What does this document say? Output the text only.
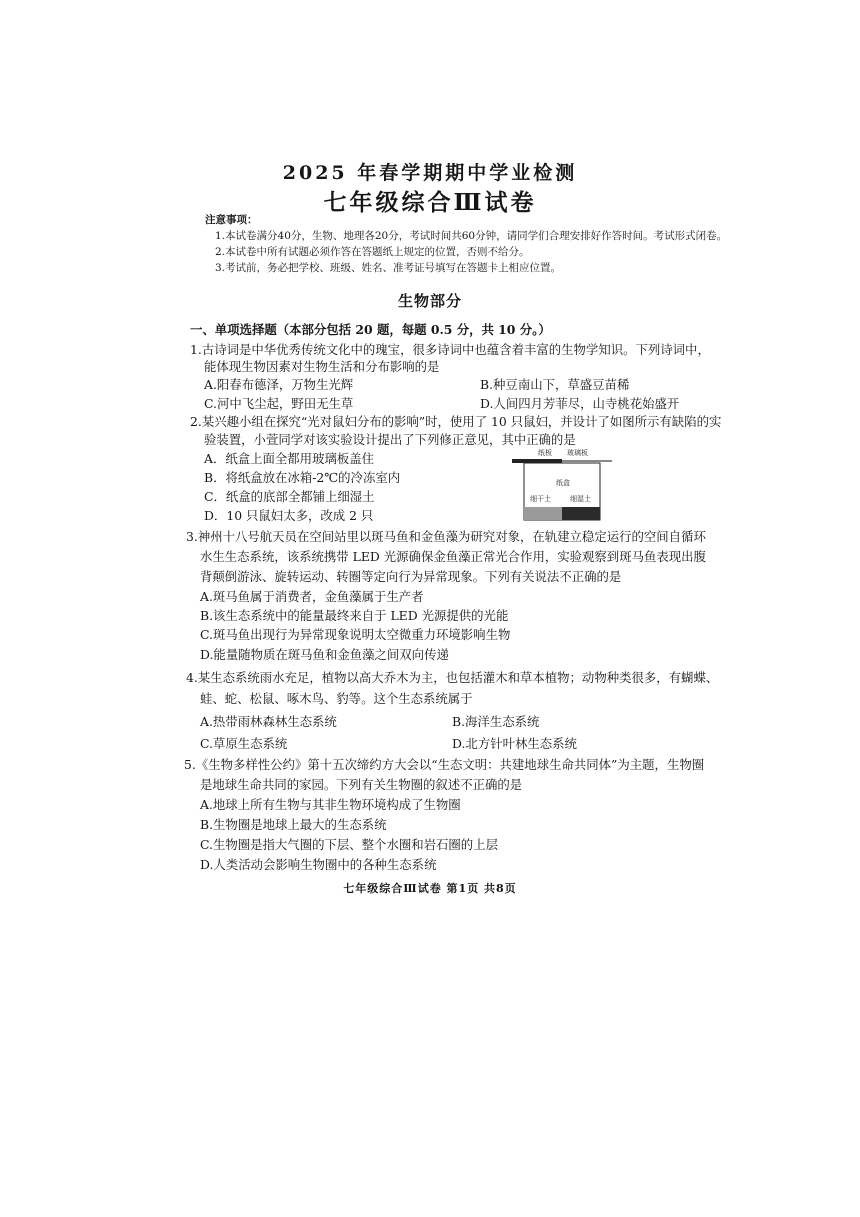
2025 年春学期期中学业检测
七年级综合Ⅲ试卷
注意事项：
1.本试卷满分40分，生物、地理各20分，考试时间共60分钟，请同学们合理安排好作答时间。考试形式闭卷。
2.本试卷中所有试题必须作答在答题纸上规定的位置，否则不给分。
3.考试前，务必把学校、班级、姓名、准考证号填写在答题卡上相应位置。
生物部分
一、单项选择题（本部分包括 20 题，每题 0.5 分，共 10 分。）
1.古诗词是中华优秀传统文化中的瑰宝，很多诗词中也蕴含着丰富的生物学知识。下列诗词中，
能体现生物因素对生物生活和分布影响的是
A.阳春布德泽，万物生光辉	B.种豆南山下，草盛豆苗稀
C.河中飞尘起，野田无生草	D.人间四月芳菲尽，山寺桃花始盛开
2.某兴趣小组在探究“光对鼠妇分布的影响”时，使用了 10 只鼠妇，并设计了如图所示有缺陷的实
验装置，小萱同学对该实验设计提出了下列修正意见，其中正确的是
A．纸盒上面全都用玻璃板盖住
B．将纸盒放在冰箱-2℃的冷冻室内
C．纸盒的底部全都铺上细湿土
D．10 只鼠妇太多，改成 2 只
3.神州十八号航天员在空间站里以斑马鱼和金鱼藻为研究对象，在轨建立稳定运行的空间自循环
水生生态系统，该系统携带 LED 光源确保金鱼藻正常光合作用，实验观察到斑马鱼表现出腹
背颠倒游泳、旋转运动、转圈等定向行为异常现象。下列有关说法不正确的是
A.斑马鱼属于消费者，金鱼藻属于生产者
B.该生态系统中的能量最终来自于 LED 光源提供的光能
C.斑马鱼出现行为异常现象说明太空微重力环境影响生物
D.能量随物质在斑马鱼和金鱼藻之间双向传递
4.某生态系统雨水充足，植物以高大乔木为主，也包括灌木和草本植物；动物种类很多，有蝴蝶、
蛙、蛇、松鼠、啄木鸟、豹等。这个生态系统属于
A.热带雨林森林生态系统	B.海洋生态系统
C.草原生态系统	D.北方针叶林生态系统
5.《生物多样性公约》第十五次缔约方大会以“生态文明：共建地球生命共同体”为主题，生物圈
是地球生命共同的家园。下列有关生物圈的叙述不正确的是
A.地球上所有生物与其非生物环境构成了生物圈
B.生物圈是地球上最大的生态系统
C.生物圈是指大气圈的下层、整个水圈和岩石圈的上层
D.人类活动会影响生物圈中的各种生态系统
纸板 玻璃板
纸盒
细干土	细湿土
七年级综合Ⅲ试卷 第1页 共8页
